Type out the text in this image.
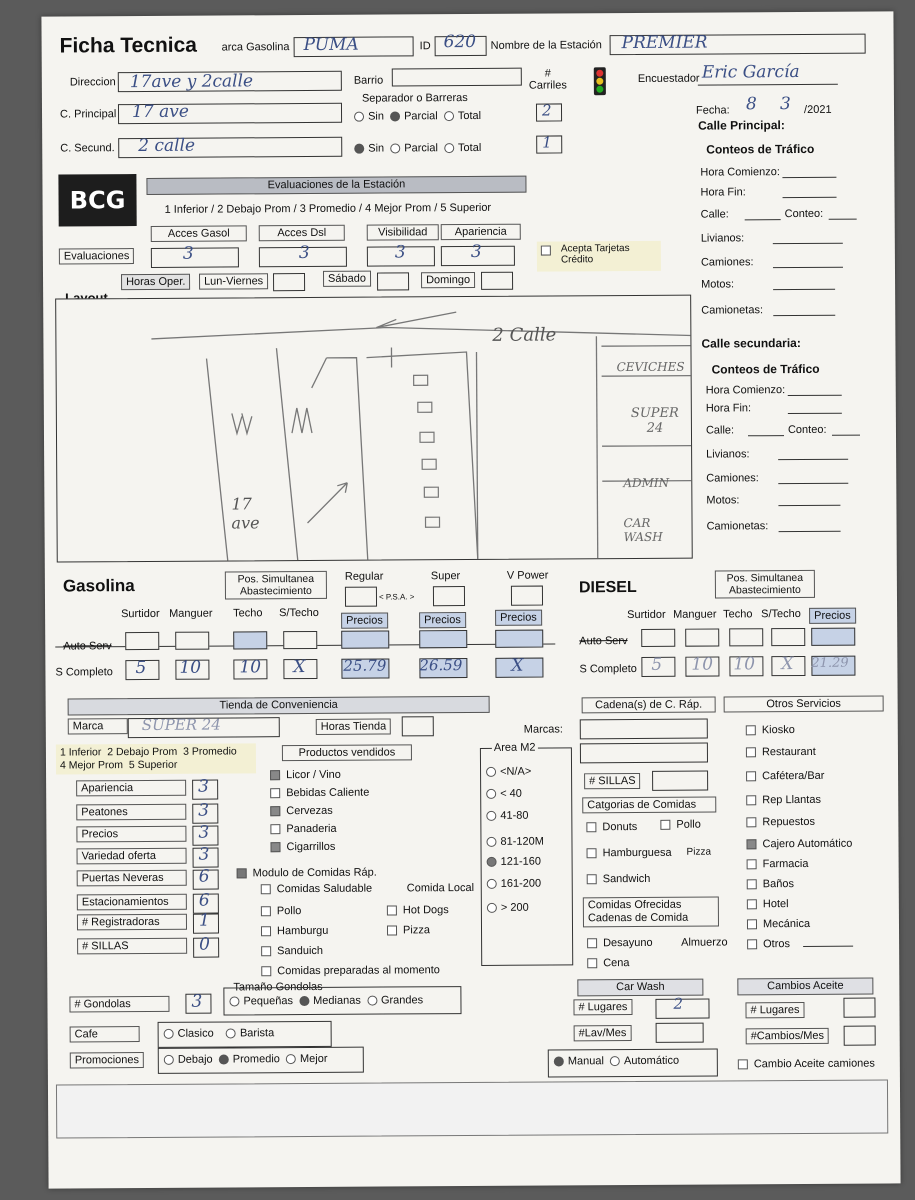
Ficha Tecnica arca Gasolina PUMA	ID 620 Nombre de la Estación PREMIER
Direccion 17ave y 2calle	Barrio
# Carriles
C. Principal 17 ave
Separador o Barreras
Sin Parcial Total	2
C. Secund. 2 calle	Sin Parcial Total	1
Encuestador Eric García
Fecha: 8 3 /2021
Calle Principal:
Conteos de Tráfico
Hora Comienzo:
Hora Fin:
Calle:	Conteo:
Livianos:
Camiones:
Motos:
Camionetas:
Calle secundaria:
Conteos de Tráfico
Hora Comienzo:
Hora Fin:
Calle:	Conteo:
Livianos:
Camiones:
Motos:
Camionetas:
BCG
Evaluaciones de la Estación
1 Inferior / 2 Debajo Prom / 3 Promedio / 4 Mejor Prom / 5 Superior
Acces Gasol	Acces Dsl	Visibilidad	Apariencia
Evaluaciones	3	3	3	3	Acepta Tarjetas Crédito
Horas Oper.	Lun-Viernes	Sábado	Domingo
2 Calle
CEVICHES
SUPER 24
ADMIN
CAR WASH
17 ave
Gasolina	Pos. Simultanea Abastecimiento
Regular	Super	V Power
< P.S.A. >
Surtidor Manguer Techo S/Techo
Precios	Precios	Precios
Auto Serv
S Completo 5 10 10 X	25.79 26.59	X
DIESEL
Pos. Simultanea Abastecimiento
Surtidor Manguer Techo S/Techo	Precios
Auto Serv
S Completo 5 10 10 X 21.29
Tienda de Conveniencia
Marca	SUPER 24	Horas Tienda
1 Inferior  2 Debajo Prom  3 Promedio
4 Mejor Prom  5 Superior
Apariencia	3
Peatones	3
Precios	3
Variedad oferta	3
Puertas Neveras	6
Estacionamientos	6
# Registradoras	1
# SILLAS	0
Productos vendidos
Licor / Vino
Bebidas Caliente
Cervezas
Panaderia
Cigarrillos
Modulo de Comidas Ráp.
Comidas Saludable
Pollo
Hamburgu
Sanduich
Comidas preparadas al momento
Comida Local
Hot Dogs
Pizza
# Gondolas	3
Tamaño Gondolas
Pequeñas Medianas Grandes
Cafe	Clasico Barista
Promociones	Debajo Promedio Mejor
Area M2
<N/A>
< 40
41-80
81-120M
121-160
161-200
> 200
Cadena(s) de C. Ráp.
Marcas:
# SILLAS
Catgorias de Comidas
Donuts	Pollo
Hamburguesa Pizza
Sandwich
Comidas Ofrecidas Cadenas de Comida
Desayuno	Almuerzo
Cena
Car Wash
# Lugares	2
#Lav/Mes
Manual Automático
Otros Servicios
Kiosko
Restaurant
Cafétera/Bar
Rep Llantas
Repuestos
Cajero Automático
Farmacia
Baños
Hotel
Mecánica
Otros
Cambios Aceite
# Lugares
#Cambios/Mes
Cambio Aceite camiones
